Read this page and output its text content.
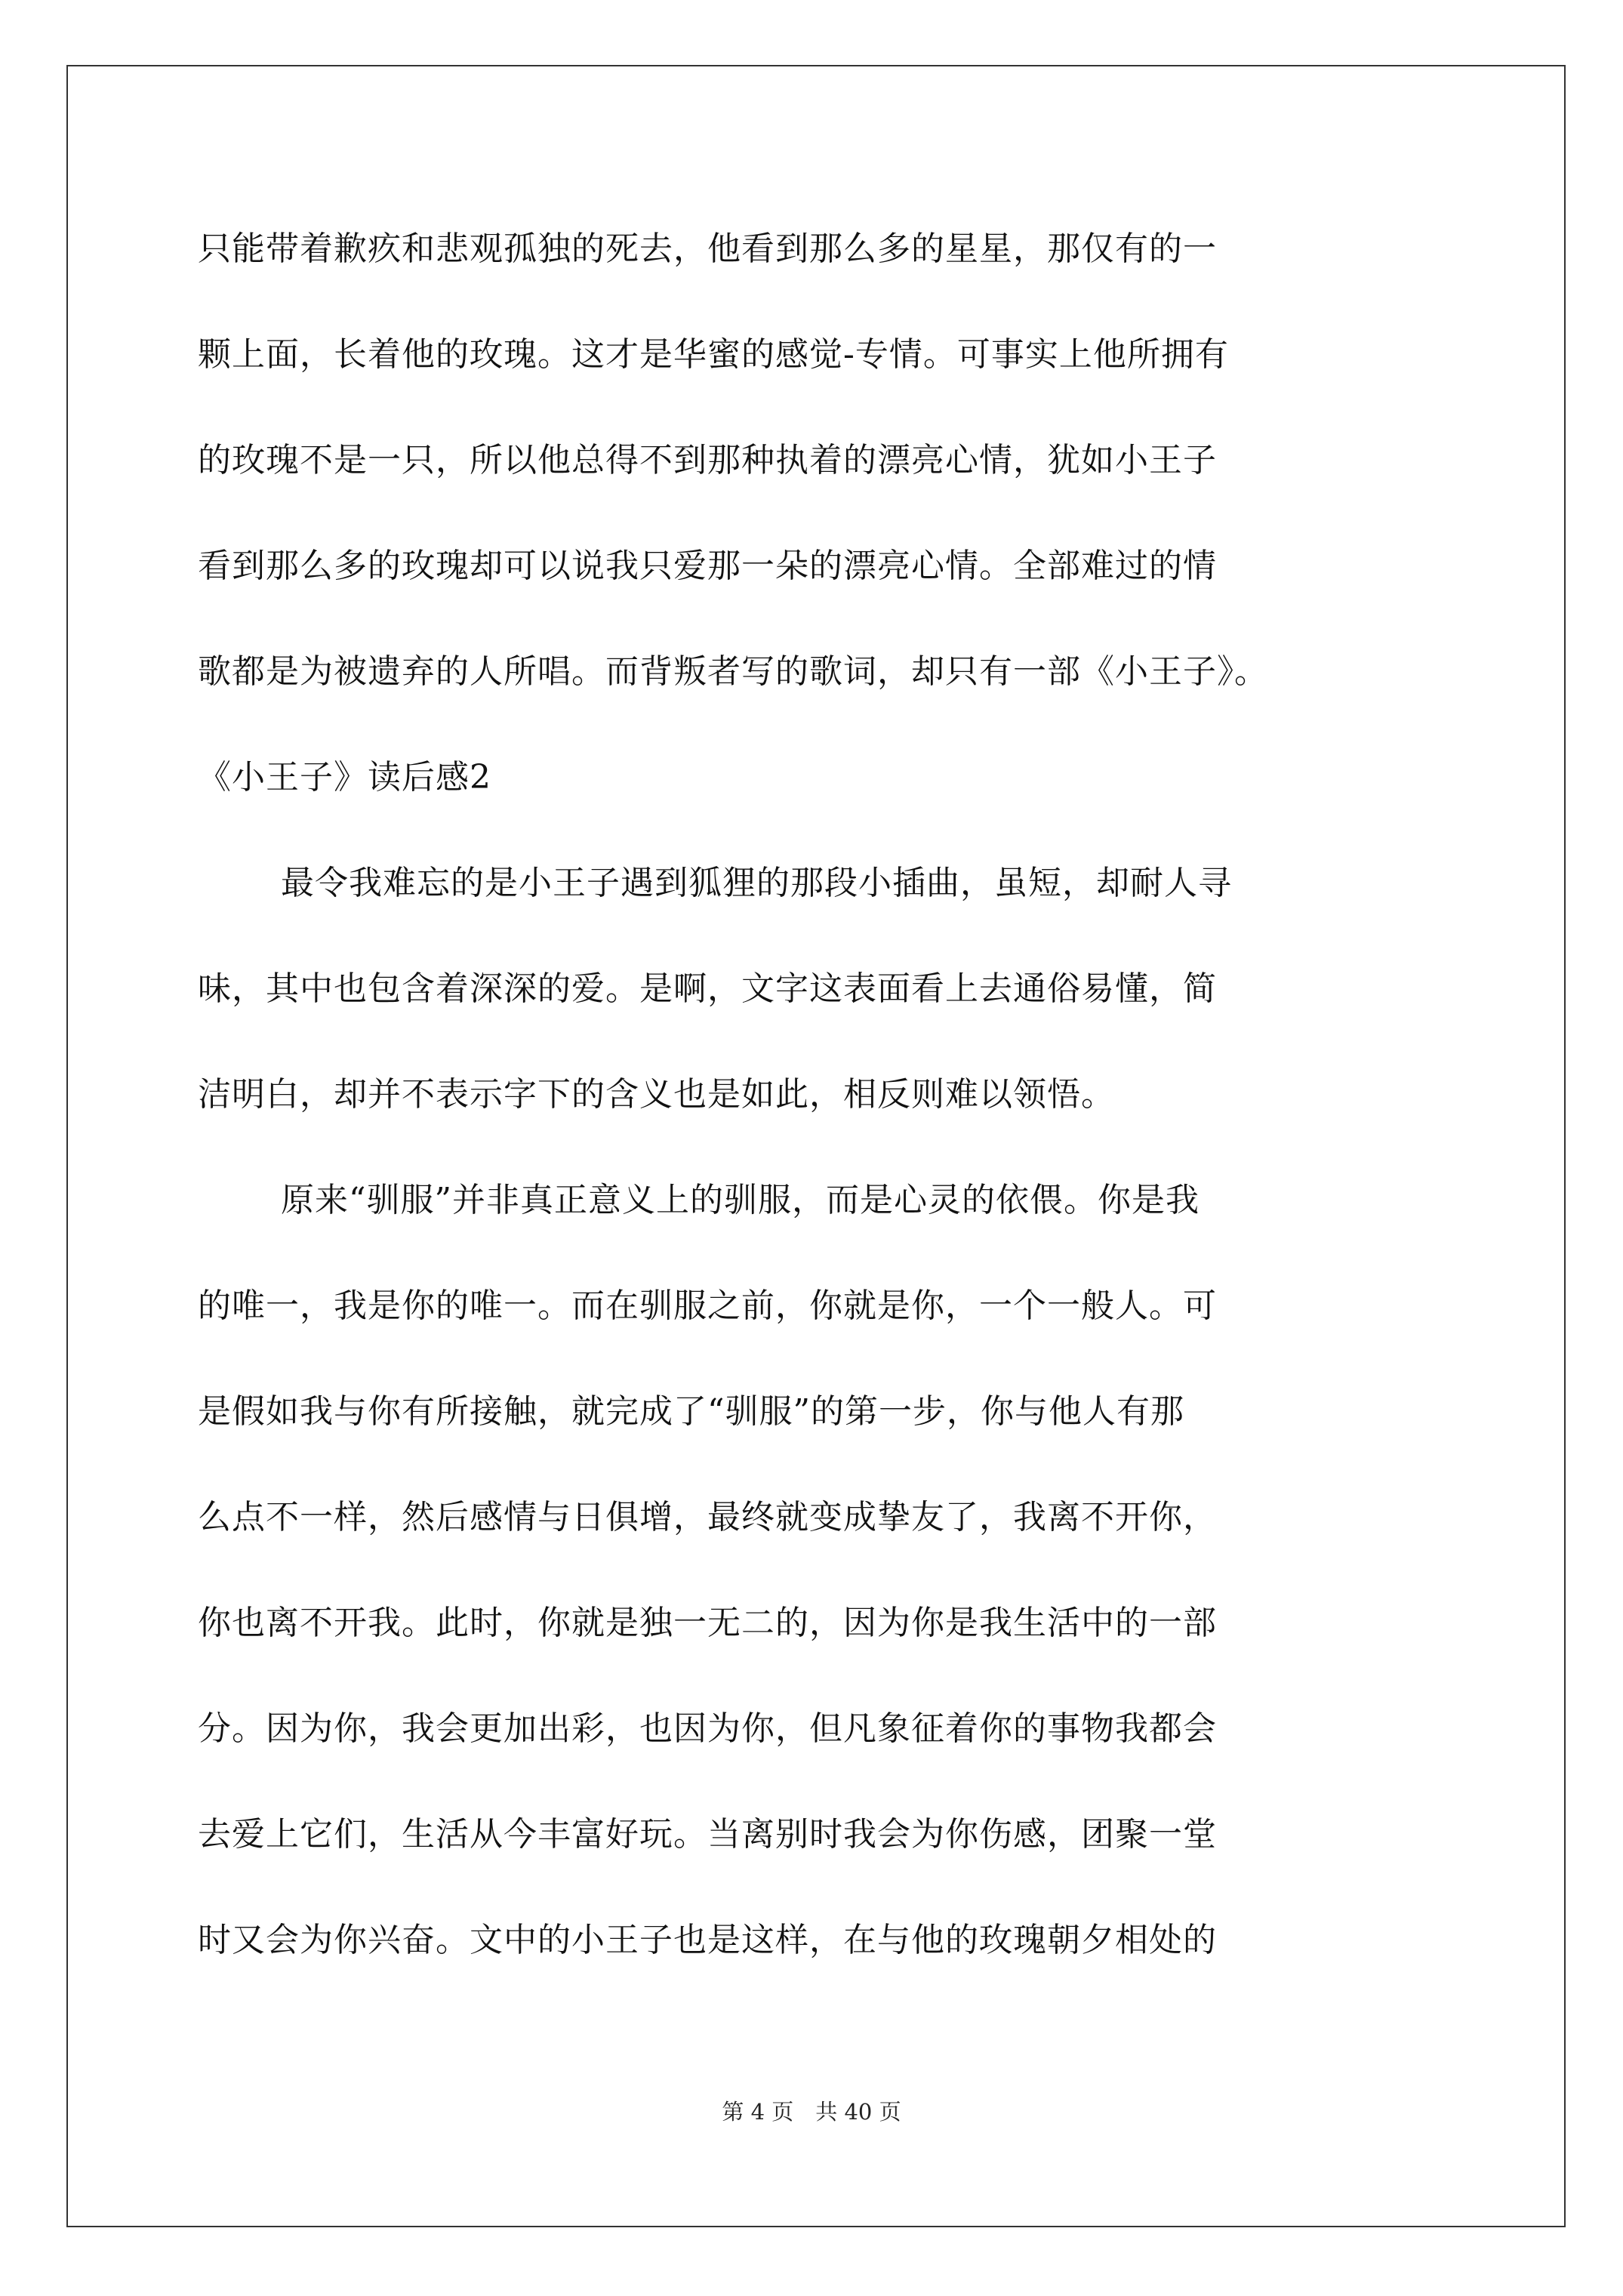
只能带着歉疚和悲观孤独的死去，他看到那么多的星星，那仅有的一
颗上面，长着他的玫瑰。这才是华蜜的感觉-专情。可事实上他所拥有
的玫瑰不是一只，所以他总得不到那种执着的漂亮心情，犹如小王子
看到那么多的玫瑰却可以说我只爱那一朵的漂亮心情。全部难过的情
歌都是为被遗弃的人所唱。而背叛者写的歌词，却只有一部《小王子》。
《小王子》读后感2
最令我难忘的是小王子遇到狐狸的那段小插曲，虽短，却耐人寻
味，其中也包含着深深的爱。是啊，文字这表面看上去通俗易懂，简
洁明白，却并不表示字下的含义也是如此，相反则难以领悟。
原来“驯服”并非真正意义上的驯服，而是心灵的依偎。你是我
的唯一，我是你的唯一。而在驯服之前，你就是你，一个一般人。可
是假如我与你有所接触，就完成了“驯服”的第一步，你与他人有那
么点不一样，然后感情与日俱增，最终就变成挚友了，我离不开你，
你也离不开我。此时，你就是独一无二的，因为你是我生活中的一部
分。因为你，我会更加出彩，也因为你，但凡象征着你的事物我都会
去爱上它们，生活从今丰富好玩。当离别时我会为你伤感，团聚一堂
时又会为你兴奋。文中的小王子也是这样，在与他的玫瑰朝夕相处的
第 4 页　共 40 页
